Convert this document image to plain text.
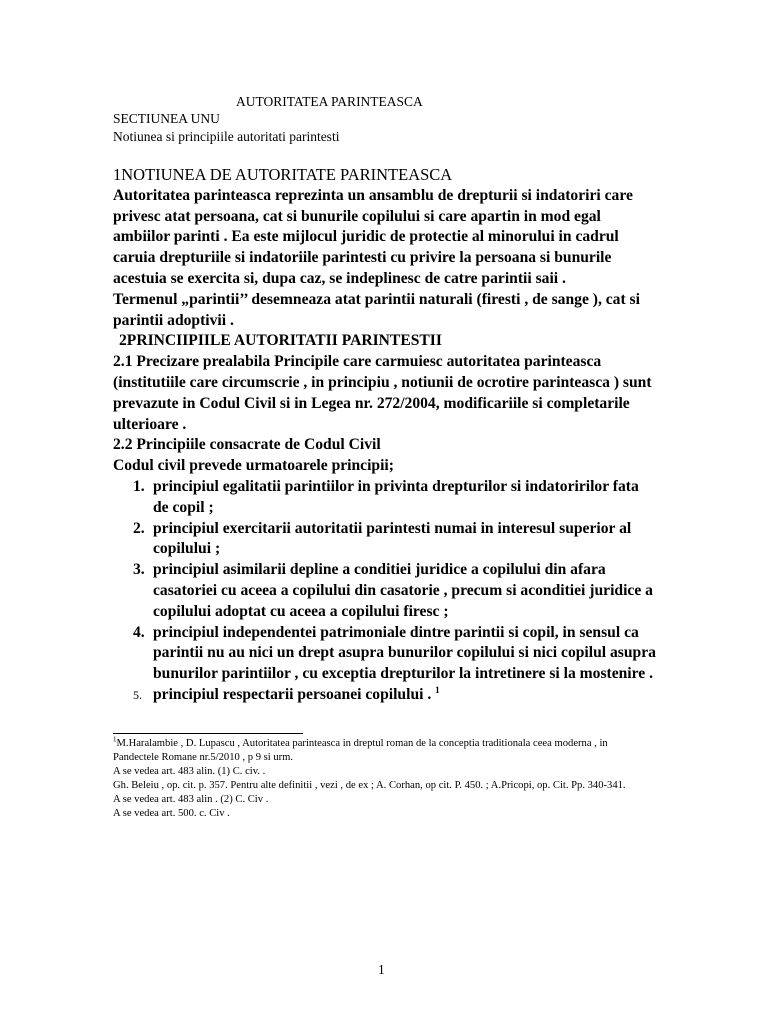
AUTORITATEA PARINTEASCA
SECTIUNEA UNU
Notiunea si principiile autoritati parintesti

1NOTIUNEA DE AUTORITATE PARINTEASCA

Autoritatea parinteasca reprezinta un ansamblu de drepturii si indatoriri care privesc atat persoana, cat si bunurile copilului si care apartin in mod egal ambiilor parinti . Ea este mijlocul juridic de protectie al minorului in cadrul caruia drepturiile si indatoriile parintesti cu privire la persoana si bunurile acestuia se exercita si, dupa caz, se indeplinesc de catre parintii saii .

Termenul „parintii’’ desemneaza atat parintii naturali (firesti , de sange ), cat si parintii adoptivii .

2PRINCIIPIILE AUTORITATII PARINTESTII

2.1 Precizare prealabila Principile care carmuiesc autoritatea parinteasca (institutiile care circumscrie , in principiu , notiunii de ocrotire parinteasca ) sunt prevazute in Codul Civil si in Legea nr. 272/2004, modificariile si completarile ulterioare .

2.2 Principiile consacrate de Codul Civil

Codul civil prevede urmatoarele principii;

1. principiul egalitatii parintiilor in privinta drepturilor si indatoririlor fata de copil ;
2. principiul exercitarii autoritatii parintesti numai in interesul superior al copilului ;
3. principiul asimilarii depline a conditiei juridice a copilului din afara casatoriei cu aceea a copilului din casatorie , precum si aconditiei juridice a copilului adoptat cu aceea a copilului firesc ;
4. principiul independentei patrimoniale dintre parintii si copil, in sensul ca parintii nu au nici un drept asupra bunurilor copilului si nici copilul asupra bunurilor parintiilor , cu exceptia drepturilor la intretinere si la mostenire .
5. principiul respectarii persoanei copilului . $^1$

$^1$M.Haralambie , D. Lupascu , Autoritatea parinteasca in dreptul roman de la conceptia traditionala ceea moderna , in Pandectele Romane nr.5/2010 , p 9 si urm.

A se vedea art. 483 alin. (1) C. civ. .

Gh. Beleiu , op. cit. p. 357. Pentru alte definitii , vezi , de ex ; A. Corhan, op cit. P. 450. ; A.Pricopi, op. Cit. Pp. 340-341.

A se vedea art. 483 alin . (2) C. Civ .

A se vedea art. 500. c. Civ .

1
